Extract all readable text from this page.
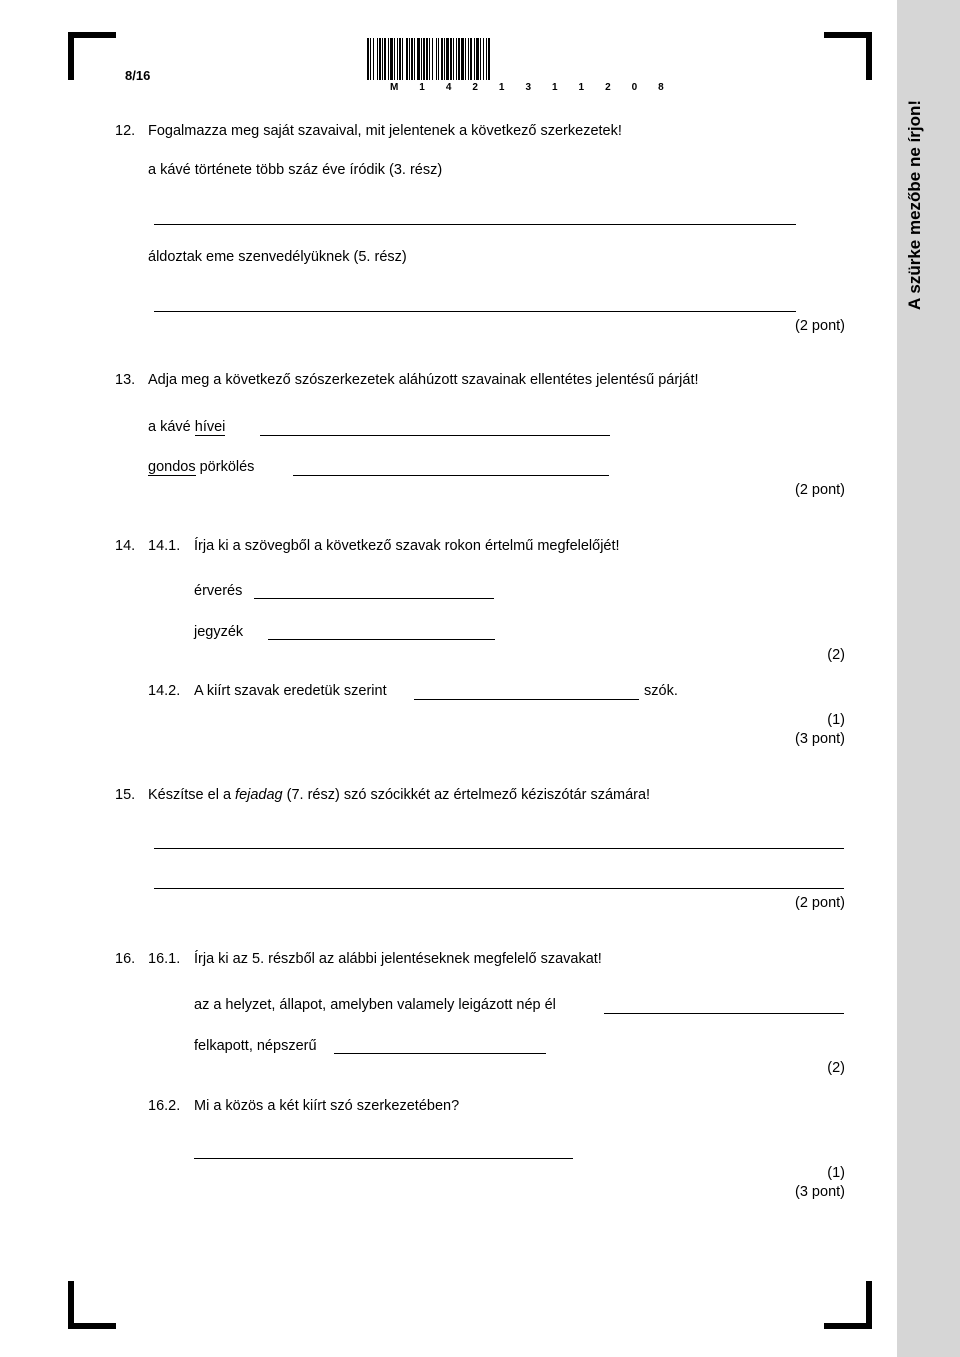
A szürke mezőbe ne írjon!
8/16
M 1 4 2 1 3 1 1 2 0 8
12. Fogalmazza meg saját szavaival, mit jelentenek a következő szerkezetek!
a kávé története több száz éve íródik (3. rész)
áldoztak eme szenvedélyüknek (5. rész)
(2 pont)
13. Adja meg a következő szószerkezetek aláhúzott szavainak ellentétes jelentésű párját!
a kávé hívei
gondos pörkölés
(2 pont)
14. 14.1. Írja ki a szövegből a következő szavak rokon értelmű megfelelőjét!
érverés
jegyzék
(2)
14.2. A kiírt szavak eredetük szerint	szók.
(1)
(3 pont)
15. Készítse el a fejadag (7. rész) szó szócikkét az értelmező kéziszótár számára!
(2 pont)
16. 16.1. Írja ki az 5. részből az alábbi jelentéseknek megfelelő szavakat!
az a helyzet, állapot, amelyben valamely leigázott nép él
felkapott, népszerű
(2)
16.2. Mi a közös a két kiírt szó szerkezetében?
(1)
(3 pont)
